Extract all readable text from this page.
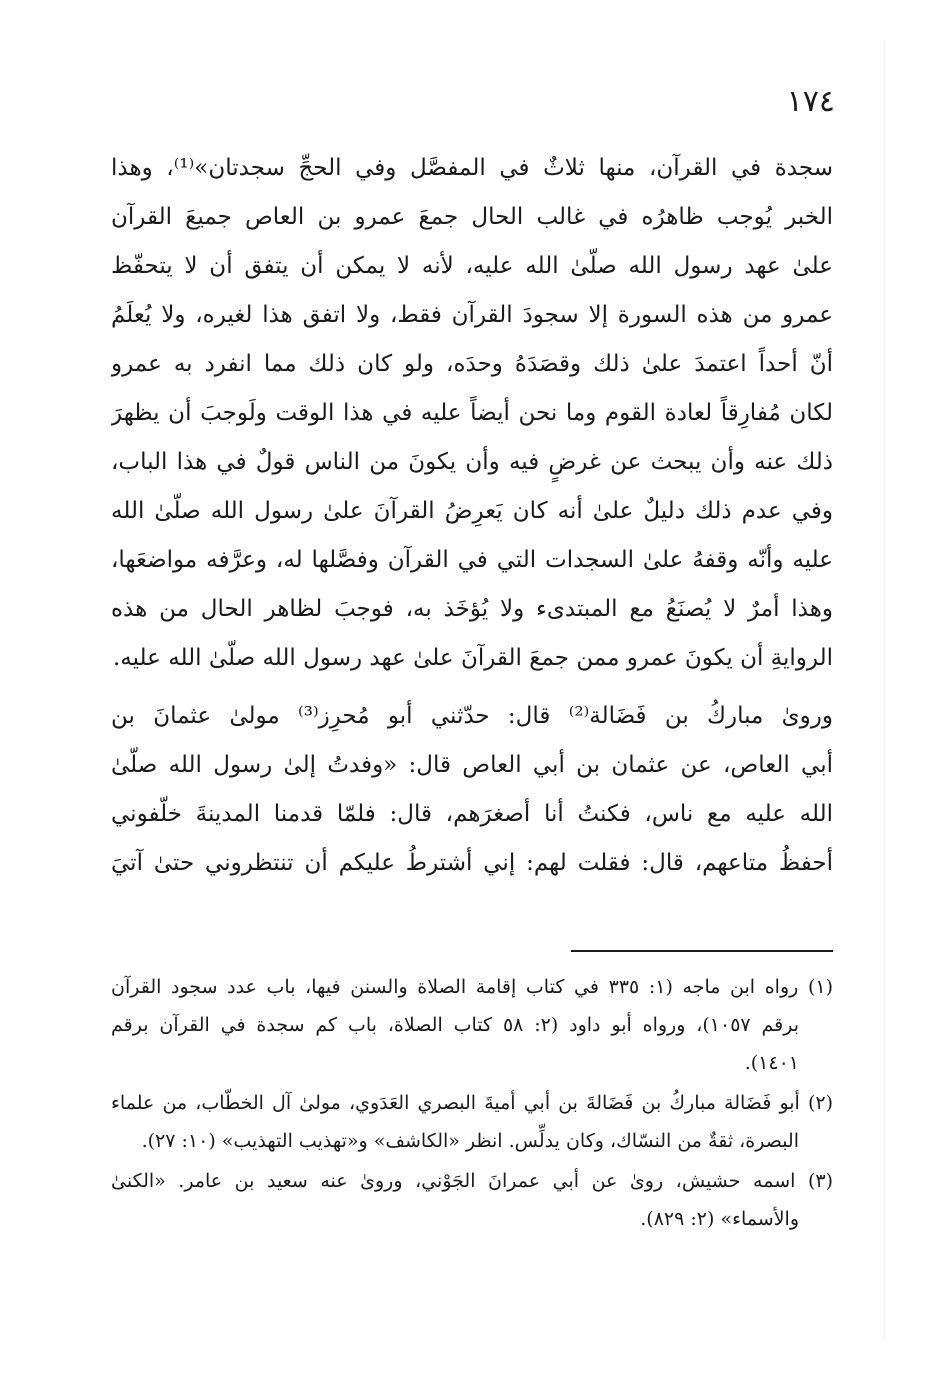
١٧٤
سجدة في القرآن، منها ثلاثٌ في المفصَّل وفي الحجِّ سجدتان»⁽¹⁾، وهذا
الخبر يُوجب ظاهرُه في غالب الحال جمعَ عمرو بن العاص جميعَ القرآن
علىٰ عهد رسول الله صلّىٰ الله عليه، لأنه لا يمكن أن يتفق أن لا يتحفّظ
عمرو من هذه السورة إلا سجودَ القرآن فقط، ولا اتفق هذا لغيره، ولا يُعلَمُ
أنّ أحداً اعتمدَ علىٰ ذلك وقصَدَهُ وحدَه، ولو كان ذلك مما انفرد به عمرو
لكان مُفارِقاً لعادة القوم وما نحن أيضاً عليه في هذا الوقت ولَوجبَ أن يظهرَ
ذلك عنه وأن يبحث عن غرضٍ فيه وأن يكونَ من الناس قولٌ في هذا الباب،
وفي عدم ذلك دليلٌ علىٰ أنه كان يَعرِضُ القرآنَ علىٰ رسول الله صلّىٰ الله
عليه وأنّه وقفهُ علىٰ السجدات التي في القرآن وفصَّلها له، وعرَّفه مواضعَها،
وهذا أمرٌ لا يُصنَعُ مع المبتدىء ولا يُؤخَذ به، فوجبَ لظاهر الحال من هذه
الروايةِ أن يكونَ عمرو ممن جمعَ القرآنَ علىٰ عهد رسول الله صلّىٰ الله عليه.
وروىٰ مباركُ بن فَضَالة⁽²⁾ قال: حدّثني أبو مُحرِز⁽³⁾ مولىٰ عثمانَ بن
أبي العاص، عن عثمان بن أبي العاص قال: «وفدتُ إلىٰ رسول الله صلّىٰ
الله عليه مع ناس، فكنتُ أنا أصغرَهم، قال: فلمّا قدمنا المدينةَ خلّفوني
أحفظُ متاعهم، قال: فقلت لهم: إني أشترطُ عليكم أن تنتظروني حتىٰ آتيَ
(١) رواه ابن ماجه (١: ٣٣٥ في كتاب إقامة الصلاة والسنن فيها، باب عدد سجود القرآن
برقم ١٠٥٧)، ورواه أبو داود (٢: ٥٨ كتاب الصلاة، باب كم سجدة في القرآن برقم
١٤٠١).
(٢) أبو فَضَالة مباركُ بن فَضَالةَ بن أبي أميةَ البصري العَدَوي، مولىٰ آل الخطّاب، من علماء
البصرة، ثقةٌ من النسّاك، وكان يدلِّس. انظر «الكاشف» و«تهذيب التهذيب» (١٠: ٢٧).
(٣) اسمه حشيش، روىٰ عن أبي عمرانَ الجَوْني، وروىٰ عنه سعيد بن عامر. «الكنىٰ
والأسماء» (٢: ٨٢٩).
